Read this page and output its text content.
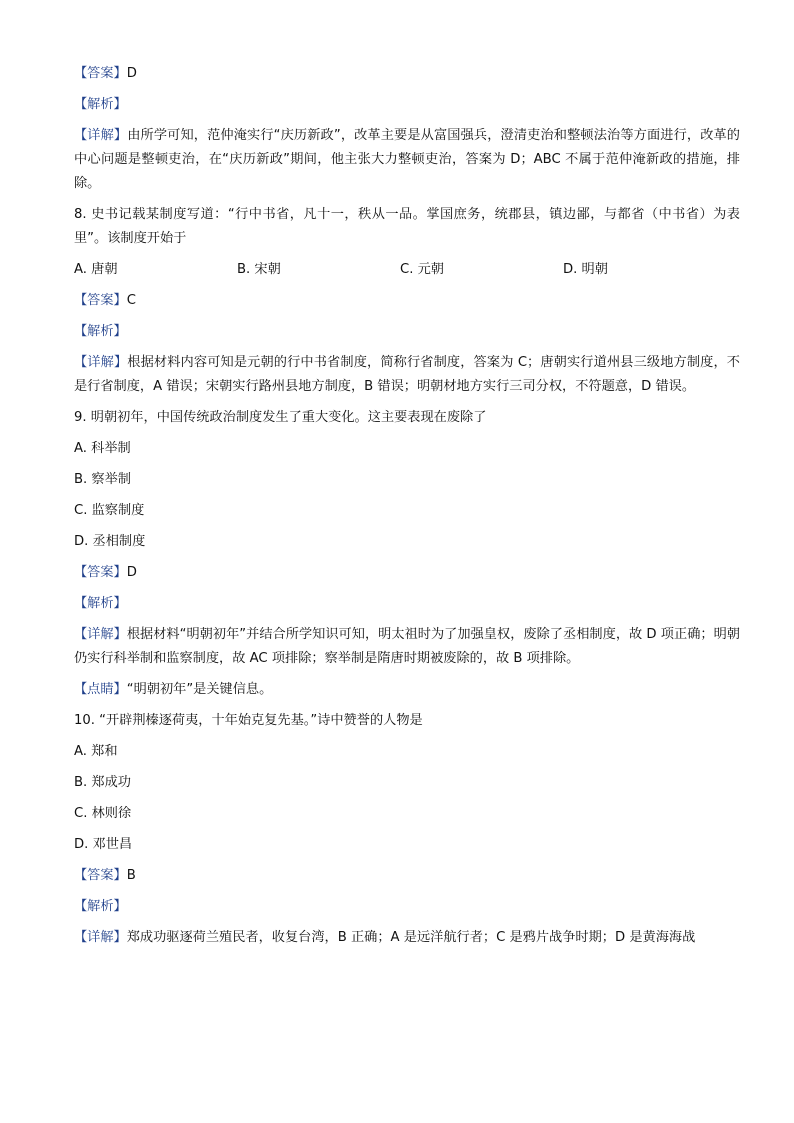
【答案】D
【解析】

【详解】由所学可知，范仲淹实行“庆历新政”，改革主要是从富国强兵，澄清吏治和整顿法治等方面进行，改革的中心问题是整顿吏治，在“庆历新政”期间，他主张大力整顿吏治，答案为 D；ABC 不属于范仲淹新政的措施，排除。

8. 史书记载某制度写道：“行中书省，凡十一，秩从一品。掌国庶务，统郡县，镇边鄙，与都省（中书省）为表里”。该制度开始于

A. 唐朝	B. 宋朝	C. 元朝	D. 明朝
【答案】C
【解析】

【详解】根据材料内容可知是元朝的行中书省制度，简称行省制度，答案为 C；唐朝实行道州县三级地方制度，不是行省制度，A 错误；宋朝实行路州县地方制度，B 错误；明朝材地方实行三司分权，不符题意，D 错误。

9. 明朝初年，中国传统政治制度发生了重大变化。这主要表现在废除了

A. 科举制
B. 察举制
C. 监察制度
D. 丞相制度
【答案】D
【解析】

【详解】根据材料“明朝初年”并结合所学知识可知，明太祖时为了加强皇权，废除了丞相制度，故 D 项正确；明朝仍实行科举制和监察制度，故 AC 项排除；察举制是隋唐时期被废除的，故 B 项排除。

【点睛】“明朝初年”是关键信息。

10. “开辟荆榛逐荷夷，十年始克复先基。”诗中赞誉的人物是

A. 郑和
B. 郑成功
C. 林则徐
D. 邓世昌
【答案】B
【解析】

【详解】郑成功驱逐荷兰殖民者，收复台湾，B 正确；A 是远洋航行者；C 是鸦片战争时期；D 是黄海海战
